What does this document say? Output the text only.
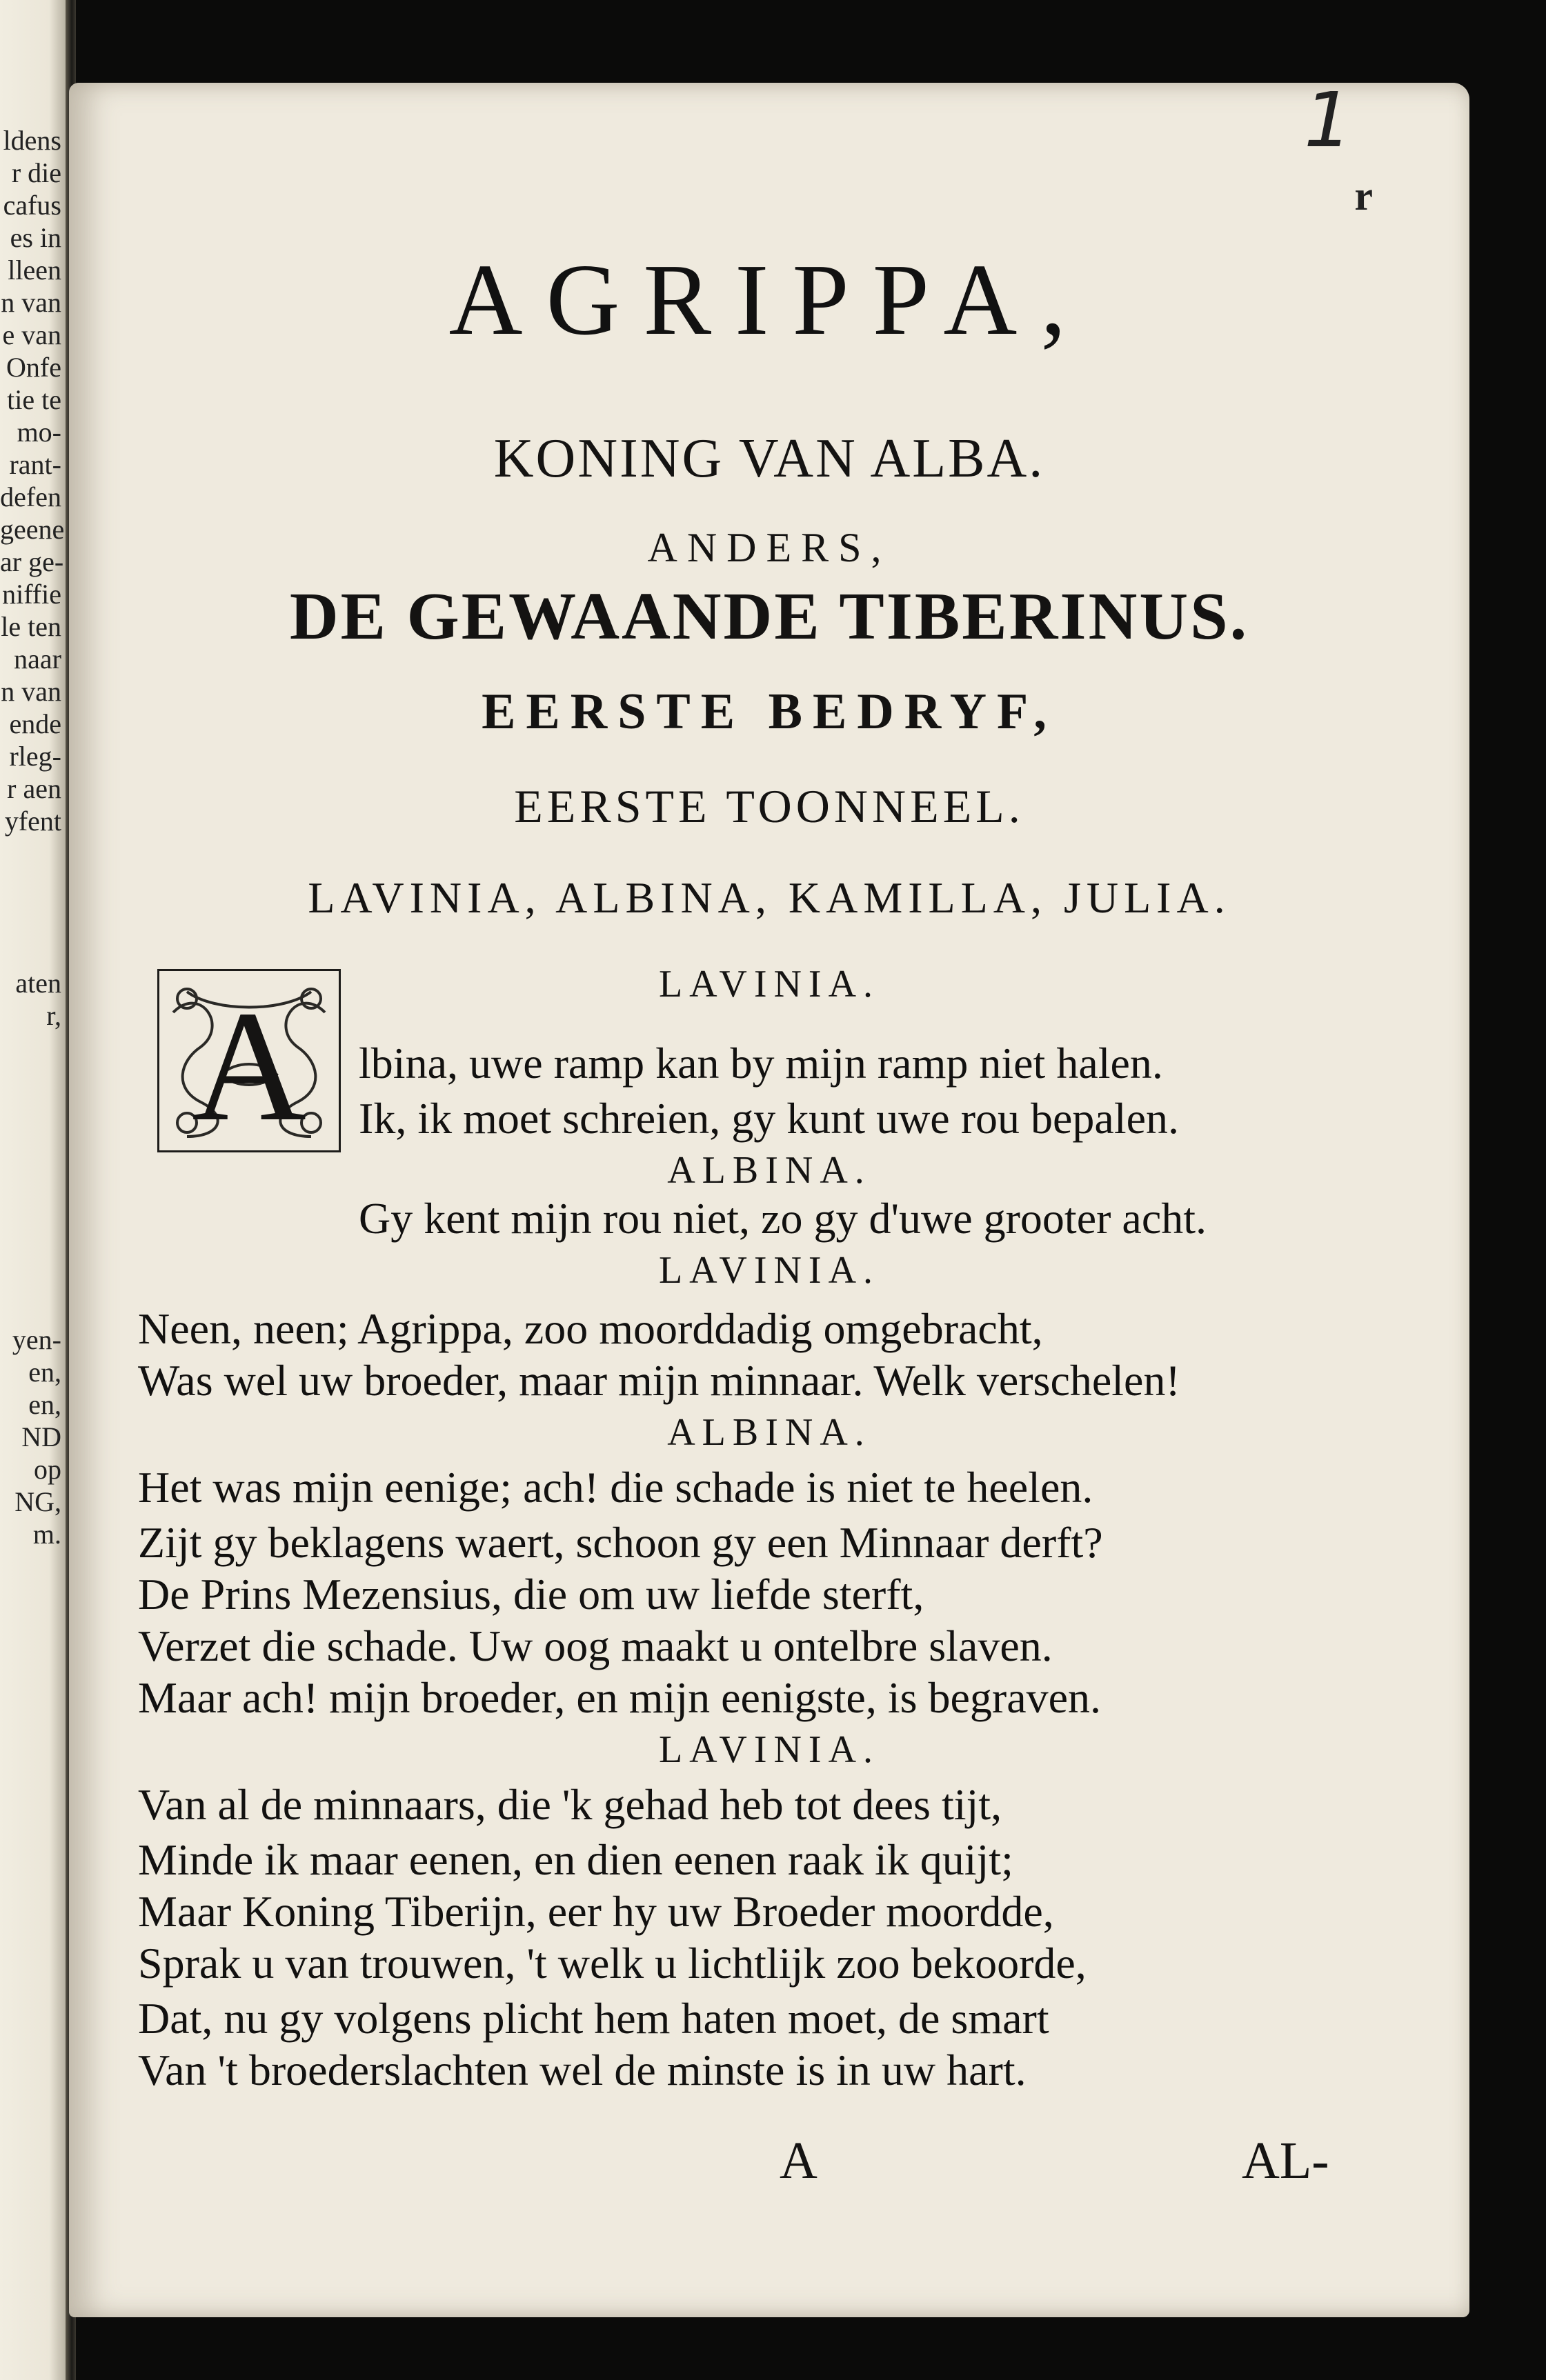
ldens
r die
cafus
es in
lleen
n van
e van
Onfe
tie te
mo-
rant-
defen
geene
ar ge-
niffie
le ten
naar
n van
ende
rleg-
r aen
yfent

aten
r,

yen-
en,
en,
ND
op
NG,
m.
1
r
AGRIPPA,
KONING VAN ALBA.
ANDERS,
DE GEWAANDE TIBERINUS.
EERSTE BEDRYF,
EERSTE TOONNEEL.
LAVINIA, ALBINA, KAMILLA, JULIA.
A	LAVINIA.
lbina, uwe ramp kan by mijn ramp niet halen.
Ik, ik moet schreien, gy kunt uwe rou bepalen.
ALBINA.
Gy kent mijn rou niet, zo gy d'uwe grooter acht.
LAVINIA.
Neen, neen; Agrippa, zoo moorddadig omgebracht,
Was wel uw broeder, maar mijn minnaar. Welk verschelen!
ALBINA.
Het was mijn eenige; ach! die schade is niet te heelen.
Zijt gy beklagens waert, schoon gy een Minnaar derft?
De Prins Mezensius, die om uw liefde sterft,
Verzet die schade. Uw oog maakt u ontelbre slaven.
Maar ach! mijn broeder, en mijn eenigste, is begraven.
LAVINIA.
Van al de minnaars, die 'k gehad heb tot dees tijt,
Minde ik maar eenen, en dien eenen raak ik quijt;
Maar Koning Tiberijn, eer hy uw Broeder moordde,
Sprak u van trouwen, 't welk u lichtlijk zoo bekoorde,
Dat, nu gy volgens plicht hem haten moet, de smart
Van 't broederslachten wel de minste is in uw hart.
A	AL-
